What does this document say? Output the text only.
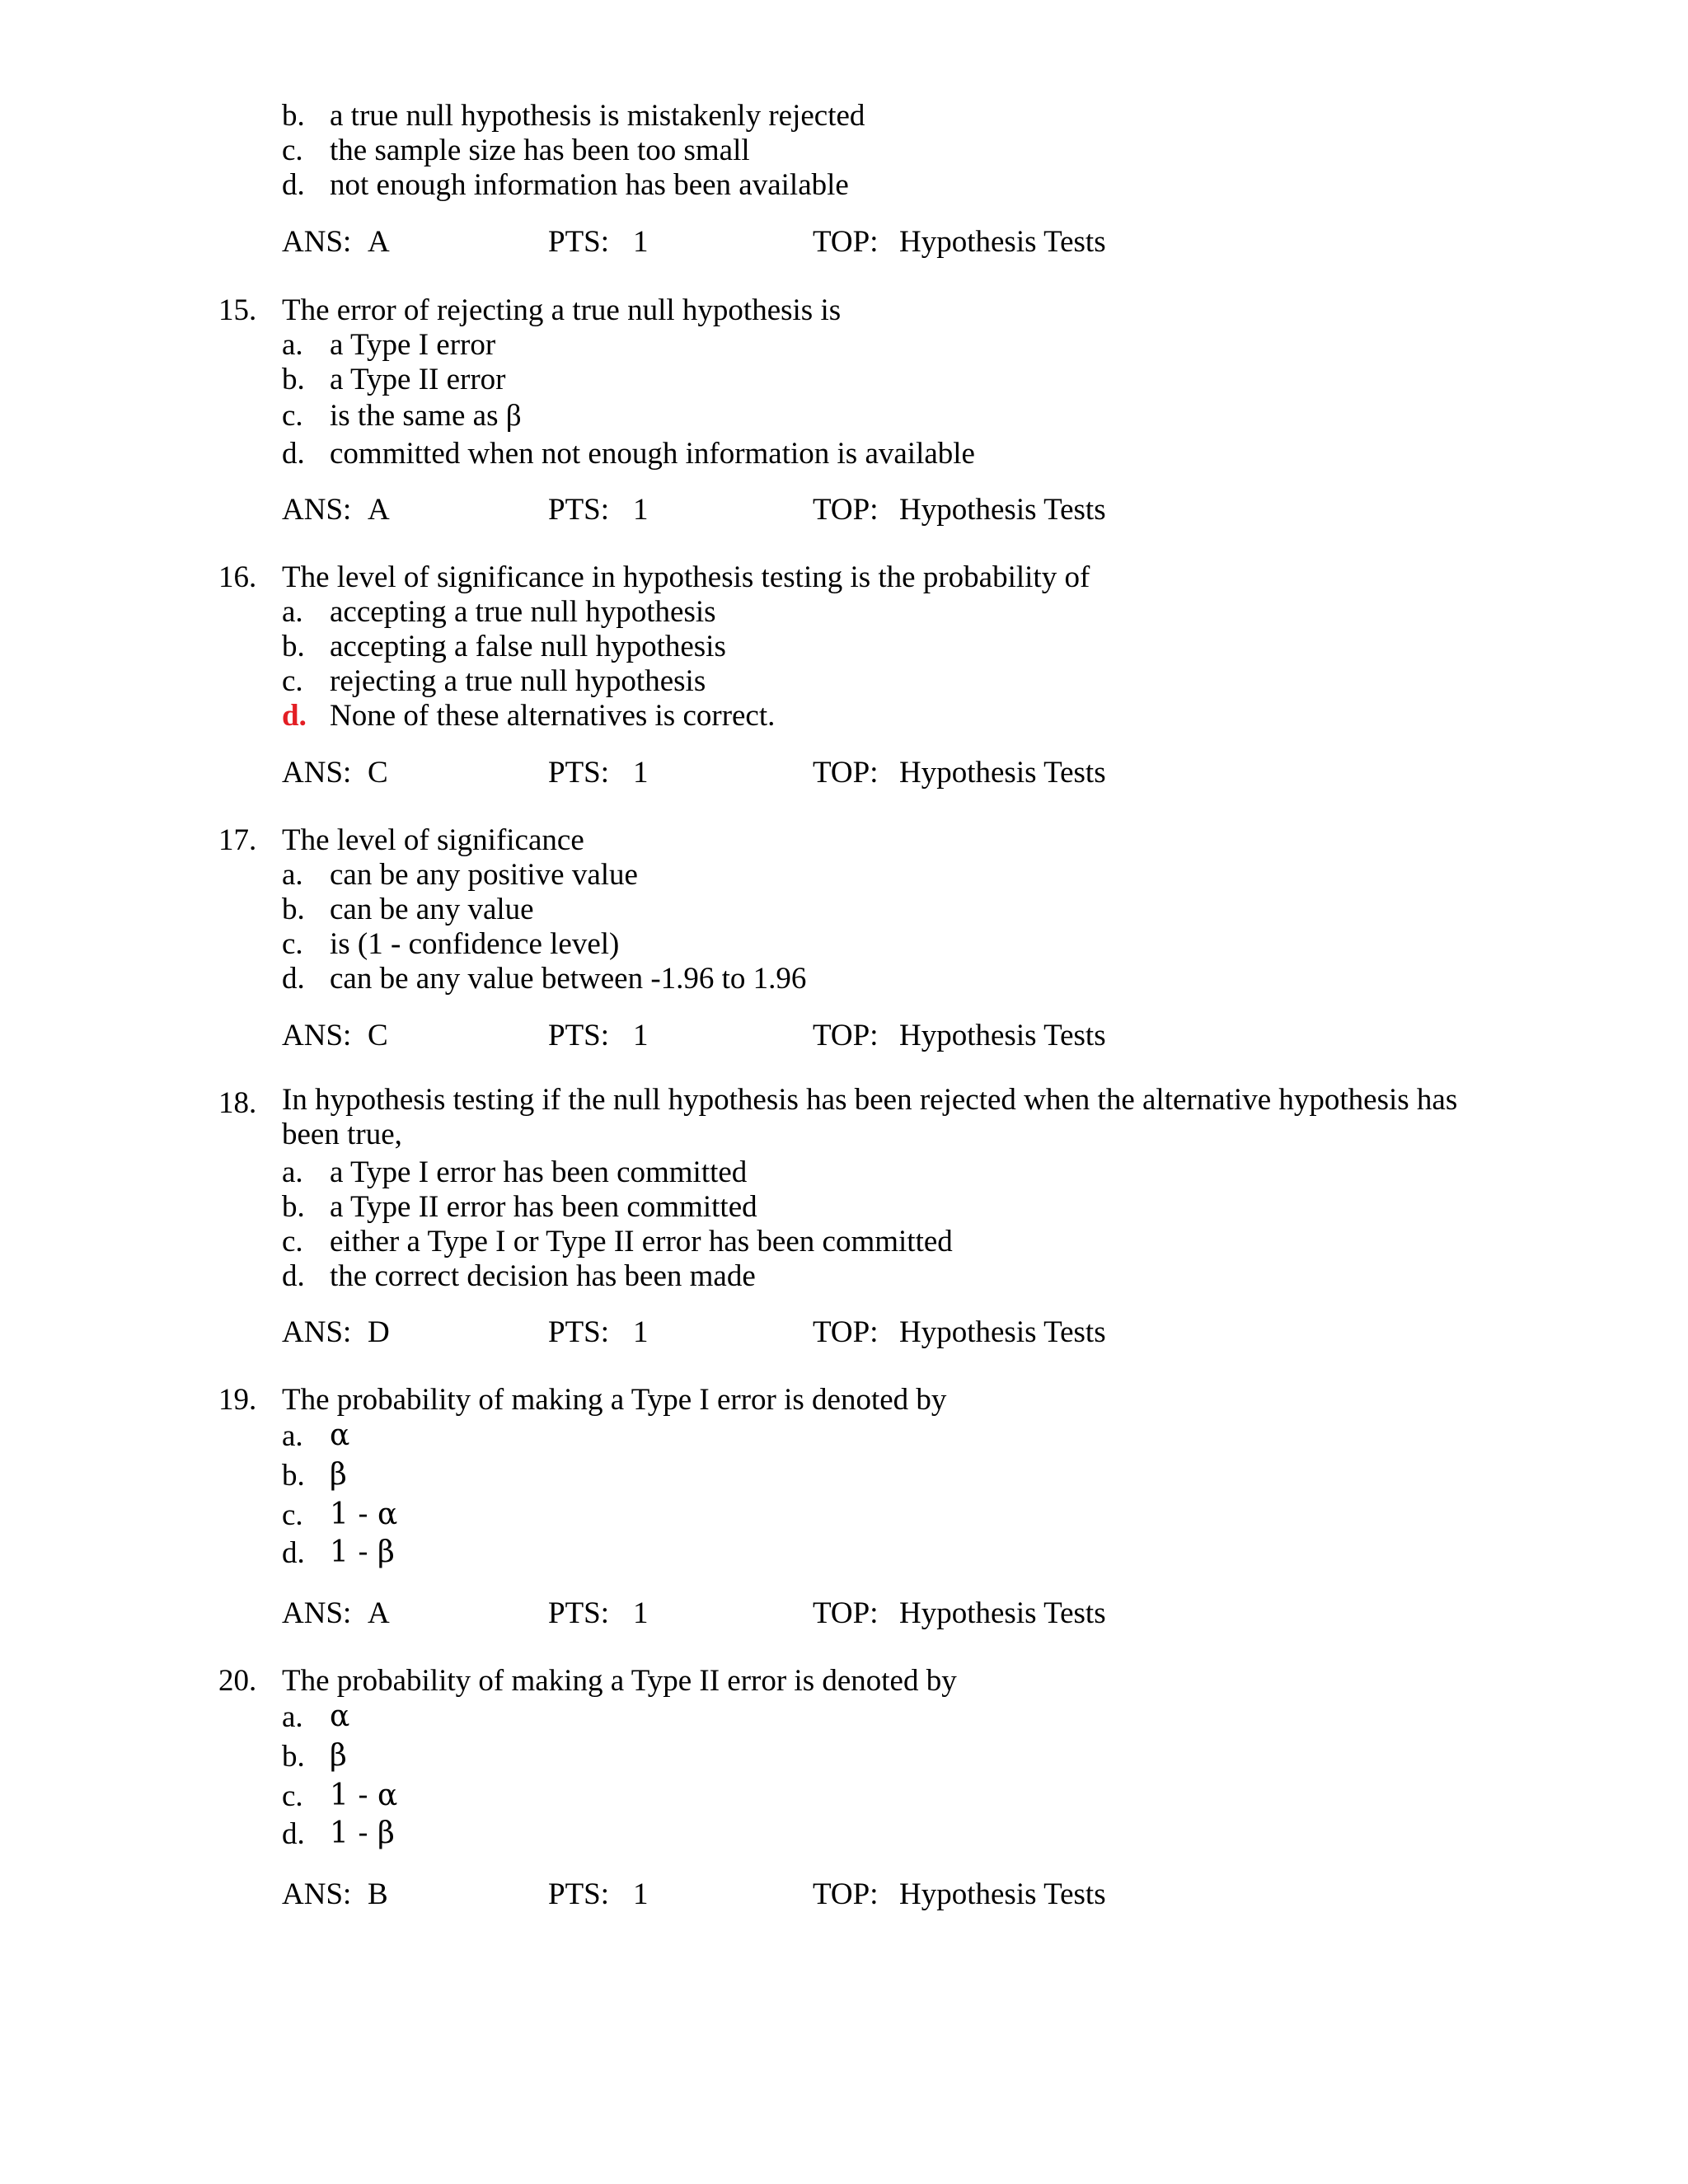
b. a true null hypothesis is mistakenly rejected
c. the sample size has been too small
d. not enough information has been available
ANS: A	PTS: 1	TOP: Hypothesis Tests
15. The error of rejecting a true null hypothesis is
a. a Type I error
b. a Type II error
c. is the same as β
d. committed when not enough information is available
ANS: A	PTS: 1	TOP: Hypothesis Tests
16. The level of significance in hypothesis testing is the probability of
a. accepting a true null hypothesis
b. accepting a false null hypothesis
c. rejecting a true null hypothesis
d. None of these alternatives is correct.
ANS: C	PTS: 1	TOP: Hypothesis Tests
17. The level of significance
a. can be any positive value
b. can be any value
c. is (1 - confidence level)
d. can be any value between -1.96 to 1.96
ANS: C	PTS: 1	TOP: Hypothesis Tests
18. In hypothesis testing if the null hypothesis has been rejected when the alternative hypothesis has been true,
a. a Type I error has been committed
b. a Type II error has been committed
c. either a Type I or Type II error has been committed
d. the correct decision has been made
ANS: D	PTS: 1	TOP: Hypothesis Tests
19. The probability of making a Type I error is denoted by
a. α
b. β
c. 1 - α
d. 1 - β
ANS: A	PTS: 1	TOP: Hypothesis Tests
20. The probability of making a Type II error is denoted by
a. α
b. β
c. 1 - α
d. 1 - β
ANS: B	PTS: 1	TOP: Hypothesis Tests
